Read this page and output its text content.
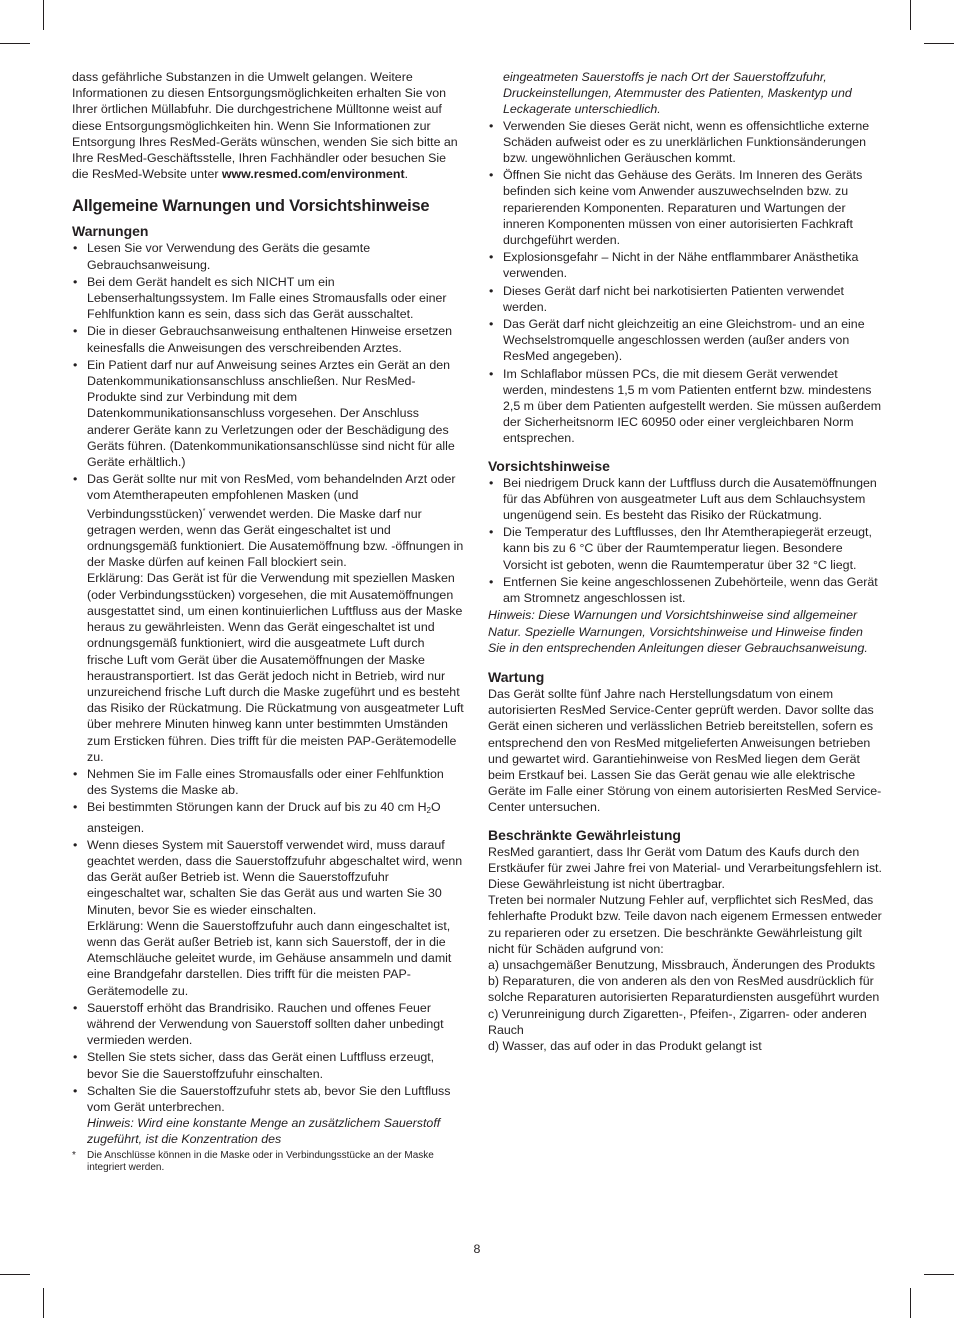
dass gefährliche Substanzen in die Umwelt gelangen. Weitere Informationen zu diesen Entsorgungsmöglichkeiten erhalten Sie von Ihrer örtlichen Müllabfuhr. Die durchgestrichene Mülltonne weist auf diese Entsorgungsmöglichkeiten hin. Wenn Sie Informationen zur Entsorgung Ihres ResMed-Geräts wünschen, wenden Sie sich bitte an Ihre ResMed-Geschäftsstelle, Ihren Fachhändler oder besuchen Sie die ResMed-Website unter www.resmed.com/environment.

Allgemeine Warnungen und Vorsichtshinweise
Warnungen
• Lesen Sie vor Verwendung des Geräts die gesamte Gebrauchsanweisung.
• Bei dem Gerät handelt es sich NICHT um ein Lebenserhaltungssystem. Im Falle eines Stromausfalls oder einer Fehlfunktion kann es sein, dass sich das Gerät ausschaltet.
• Die in dieser Gebrauchsanweisung enthaltenen Hinweise ersetzen keinesfalls die Anweisungen des verschreibenden Arztes.
• Ein Patient darf nur auf Anweisung seines Arztes ein Gerät an den Datenkommunikationsanschluss anschließen. Nur ResMed-Produkte sind zur Verbindung mit dem Datenkommunikationsanschluss vorgesehen. Der Anschluss anderer Geräte kann zu Verletzungen oder der Beschädigung des Geräts führen. (Datenkommunikationsanschlüsse sind nicht für alle Geräte erhältlich.)
• Das Gerät sollte nur mit von ResMed, vom behandelnden Arzt oder vom Atemtherapeuten empfohlenen Masken (und Verbindungsstücken)* verwendet werden. Die Maske darf nur getragen werden, wenn das Gerät eingeschaltet ist und ordnungsgemäß funktioniert. Die Ausatemöffnung bzw. -öffnungen in der Maske dürfen auf keinen Fall blockiert sein.

Erklärung: Das Gerät ist für die Verwendung mit speziellen Masken (oder Verbindungsstücken) vorgesehen, die mit Ausatemöffnungen ausgestattet sind, um einen kontinuierlichen Luftfluss aus der Maske heraus zu gewährleisten. Wenn das Gerät eingeschaltet ist und ordnungsgemäß funktioniert, wird die ausgeatmete Luft durch frische Luft vom Gerät über die Ausatemöffnungen der Maske heraustransportiert. Ist das Gerät jedoch nicht in Betrieb, wird nur unzureichend frische Luft durch die Maske zugeführt und es besteht das Risiko der Rückatmung. Die Rückatmung von ausgeatmeter Luft über mehrere Minuten hinweg kann unter bestimmten Umständen zum Ersticken führen. Dies trifft für die meisten PAP-Gerätemodelle zu.

• Nehmen Sie im Falle eines Stromausfalls oder einer Fehlfunktion des Systems die Maske ab.
• Bei bestimmten Störungen kann der Druck auf bis zu 40 cm $H_2O$ ansteigen.
• Wenn dieses System mit Sauerstoff verwendet wird, muss darauf geachtet werden, dass die Sauerstoffzufuhr abgeschaltet wird, wenn das Gerät außer Betrieb ist. Wenn die Sauerstoffzufuhr eingeschaltet war, schalten Sie das Gerät aus und warten Sie 30 Minuten, bevor Sie es wieder einschalten.

Erklärung: Wenn die Sauerstoffzufuhr auch dann eingeschaltet ist, wenn das Gerät außer Betrieb ist, kann sich Sauerstoff, der in die Atemschläuche geleitet wurde, im Gehäuse ansammeln und damit eine Brandgefahr darstellen. Dies trifft für die meisten PAP-Gerätemodelle zu.

• Sauerstoff erhöht das Brandrisiko. Rauchen und offenes Feuer während der Verwendung von Sauerstoff sollten daher unbedingt vermieden werden.
• Stellen Sie stets sicher, dass das Gerät einen Luftfluss erzeugt, bevor Sie die Sauerstoffzufuhr einschalten.
• Schalten Sie die Sauerstoffzufuhr stets ab, bevor Sie den Luftfluss vom Gerät unterbrechen.

Hinweis: Wird eine konstante Menge an zusätzlichem Sauerstoff zugeführt, ist die Konzentration des

* Die Anschlüsse können in die Maske oder in Verbindungsstücke an der Maske integriert werden.

eingeatmeten Sauerstoffs je nach Ort der Sauerstoffzufuhr, Druckeinstellungen, Atemmuster des Patienten, Maskentyp und Leckagerate unterschiedlich.

• Verwenden Sie dieses Gerät nicht, wenn es offensichtliche externe Schäden aufweist oder es zu unerklärlichen Funktionsänderungen bzw. ungewöhnlichen Geräuschen kommt.
• Öffnen Sie nicht das Gehäuse des Geräts. Im Inneren des Geräts befinden sich keine vom Anwender auszuwechselnden bzw. zu reparierenden Komponenten. Reparaturen und Wartungen der inneren Komponenten müssen von einer autorisierten Fachkraft durchgeführt werden.
• Explosionsgefahr – Nicht in der Nähe entflammbarer Anästhetika verwenden.
• Dieses Gerät darf nicht bei narkotisierten Patienten verwendet werden.
• Das Gerät darf nicht gleichzeitig an eine Gleichstrom- und an eine Wechselstromquelle angeschlossen werden (außer anders von ResMed angegeben).
• Im Schlaflabor müssen PCs, die mit diesem Gerät verwendet werden, mindestens 1,5 m vom Patienten entfernt bzw. mindestens 2,5 m über dem Patienten aufgestellt werden. Sie müssen außerdem der Sicherheitsnorm IEC 60950 oder einer vergleichbaren Norm entsprechen.
Vorsichtshinweise
• Bei niedrigem Druck kann der Luftfluss durch die Ausatemöffnungen für das Abführen von ausgeatmeter Luft aus dem Schlauchsystem ungenügend sein. Es besteht das Risiko der Rückatmung.
• Die Temperatur des Luftflusses, den Ihr Atemtherapiegerät erzeugt, kann bis zu 6 °C über der Raumtemperatur liegen. Besondere Vorsicht ist geboten, wenn die Raumtemperatur über 32 °C liegt.
• Entfernen Sie keine angeschlossenen Zubehörteile, wenn das Gerät am Stromnetz angeschlossen ist.

Hinweis: Diese Warnungen und Vorsichtshinweise sind allgemeiner Natur. Spezielle Warnungen, Vorsichtshinweise und Hinweise finden Sie in den entsprechenden Anleitungen dieser Gebrauchsanweisung.

Wartung

Das Gerät sollte fünf Jahre nach Herstellungsdatum von einem autorisierten ResMed Service-Center geprüft werden. Davor sollte das Gerät einen sicheren und verlässlichen Betrieb bereitstellen, sofern es entsprechend den von ResMed mitgelieferten Anweisungen betrieben und gewartet wird. Garantiehinweise von ResMed liegen dem Gerät beim Erstkauf bei. Lassen Sie das Gerät genau wie alle elektrische Geräte im Falle einer Störung von einem autorisierten ResMed Service-Center untersuchen.

Beschränkte Gewährleistung

ResMed garantiert, dass Ihr Gerät vom Datum des Kaufs durch den Erstkäufer für zwei Jahre frei von Material- und Verarbeitungsfehlern ist. Diese Gewährleistung ist nicht übertragbar.

Treten bei normaler Nutzung Fehler auf, verpflichtet sich ResMed, das fehlerhafte Produkt bzw. Teile davon nach eigenem Ermessen entweder zu reparieren oder zu ersetzen. Die beschränkte Gewährleistung gilt nicht für Schäden aufgrund von:

a) unsachgemäßer Benutzung, Missbrauch, Änderungen des Produkts

b) Reparaturen, die von anderen als den von ResMed ausdrücklich für solche Reparaturen autorisierten Reparaturdiensten ausgeführt wurden

c) Verunreinigung durch Zigaretten-, Pfeifen-, Zigarren- oder anderen Rauch

d) Wasser, das auf oder in das Produkt gelangt ist

8
